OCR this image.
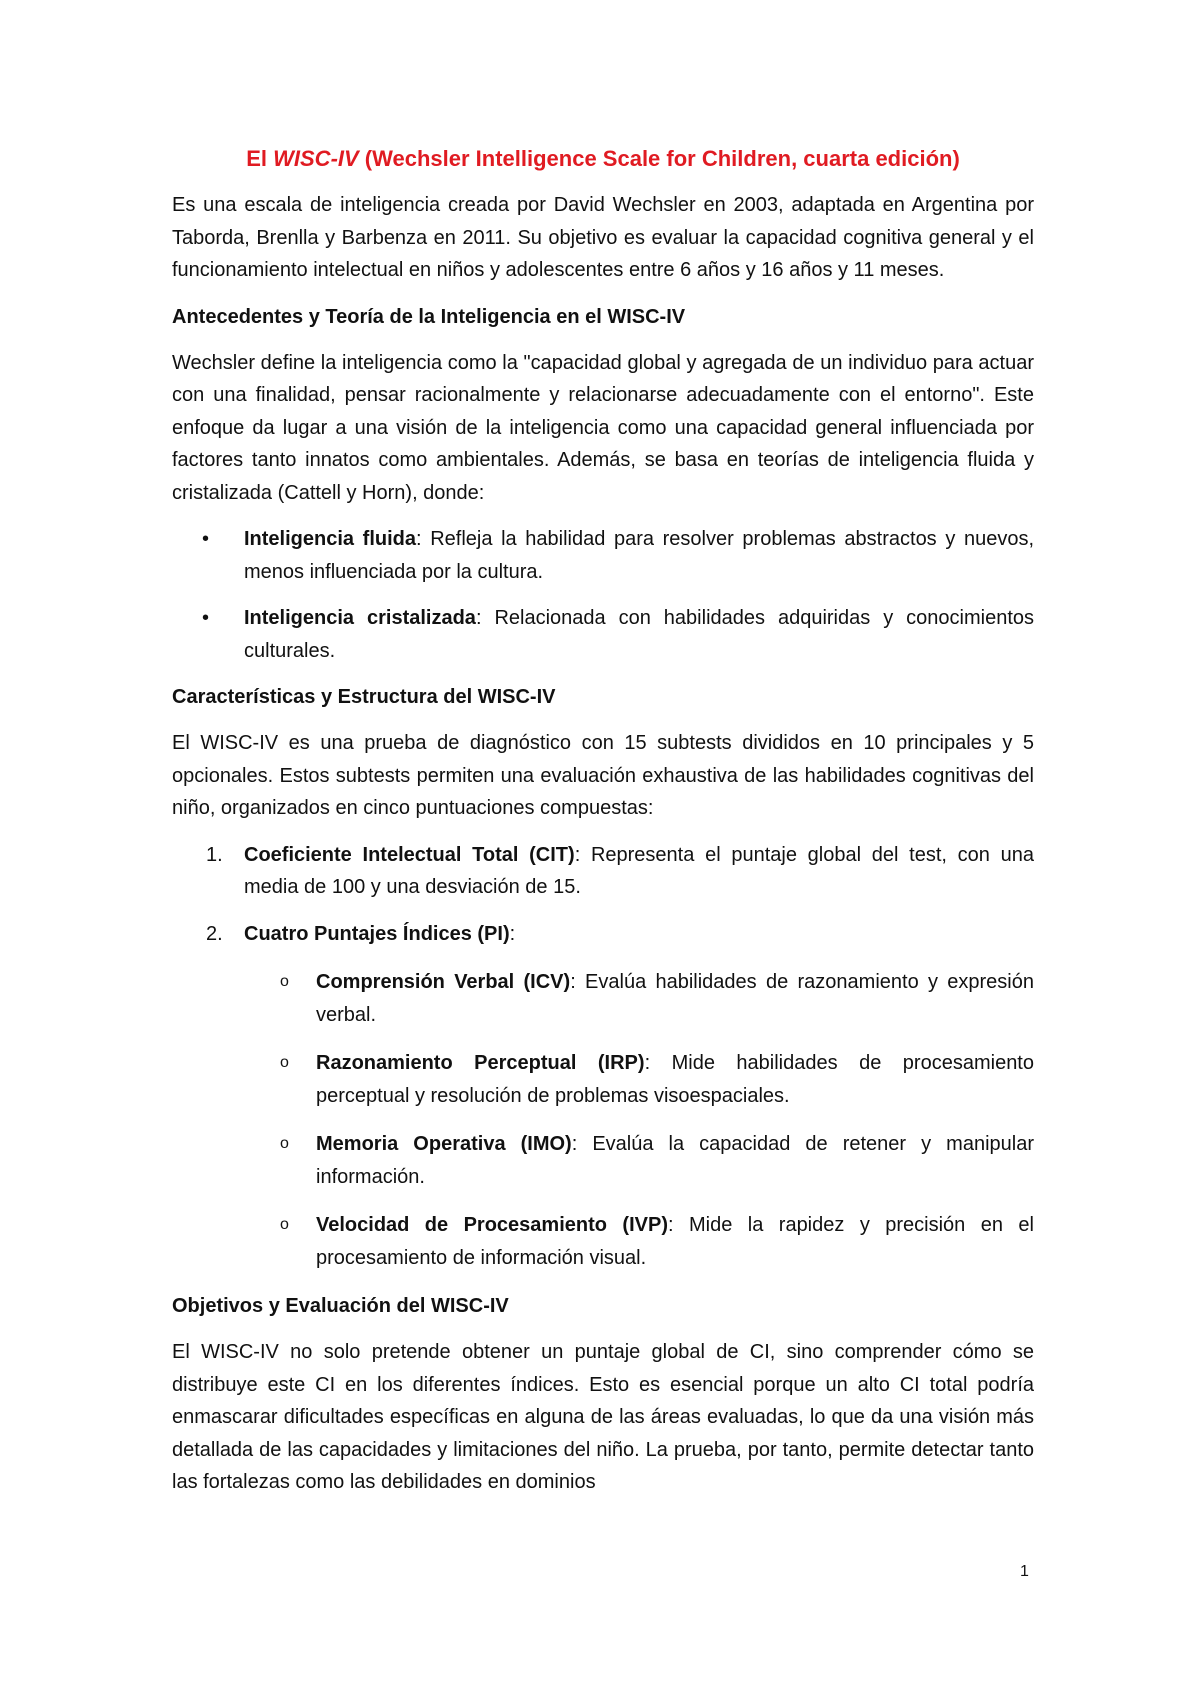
El WISC-IV (Wechsler Intelligence Scale for Children, cuarta edición)

Es una escala de inteligencia creada por David Wechsler en 2003, adaptada en Argentina por Taborda, Brenlla y Barbenza en 2011. Su objetivo es evaluar la capacidad cognitiva general y el funcionamiento intelectual en niños y adolescentes entre 6 años y 16 años y 11 meses.

Antecedentes y Teoría de la Inteligencia en el WISC-IV

Wechsler define la inteligencia como la "capacidad global y agregada de un individuo para actuar con una finalidad, pensar racionalmente y relacionarse adecuadamente con el entorno". Este enfoque da lugar a una visión de la inteligencia como una capacidad general influenciada por factores tanto innatos como ambientales. Además, se basa en teorías de inteligencia fluida y cristalizada (Cattell y Horn), donde:

• Inteligencia fluida: Refleja la habilidad para resolver problemas abstractos y nuevos, menos influenciada por la cultura.
• Inteligencia cristalizada: Relacionada con habilidades adquiridas y conocimientos culturales.
Características y Estructura del WISC-IV

El WISC-IV es una prueba de diagnóstico con 15 subtests divididos en 10 principales y 5 opcionales. Estos subtests permiten una evaluación exhaustiva de las habilidades cognitivas del niño, organizados en cinco puntuaciones compuestas:

1. Coeficiente Intelectual Total (CIT): Representa el puntaje global del test, con una media de 100 y una desviación de 15.
2. Cuatro Puntajes Índices (PI):
o Comprensión Verbal (ICV): Evalúa habilidades de razonamiento y expresión verbal.
o Razonamiento Perceptual (IRP): Mide habilidades de procesamiento perceptual y resolución de problemas visoespaciales.
o Memoria Operativa (IMO): Evalúa la capacidad de retener y manipular información.
o Velocidad de Procesamiento (IVP): Mide la rapidez y precisión en el procesamiento de información visual.
Objetivos y Evaluación del WISC-IV

El WISC-IV no solo pretende obtener un puntaje global de CI, sino comprender cómo se distribuye este CI en los diferentes índices. Esto es esencial porque un alto CI total podría enmascarar dificultades específicas en alguna de las áreas evaluadas, lo que da una visión más detallada de las capacidades y limitaciones del niño. La prueba, por tanto, permite detectar tanto las fortalezas como las debilidades en dominios

1
